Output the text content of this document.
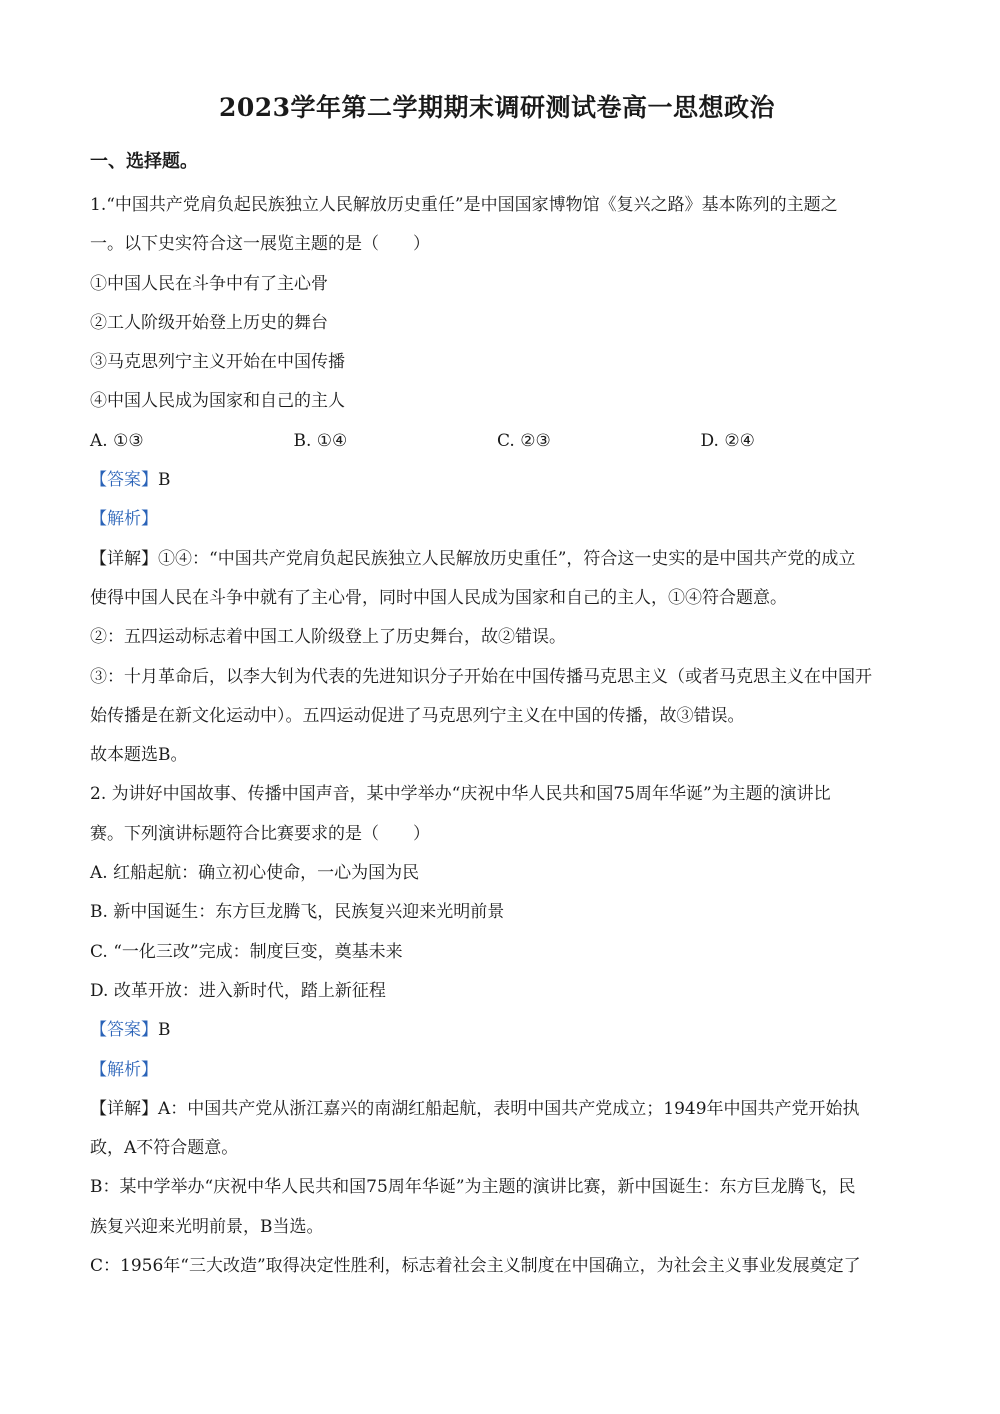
2023学年第二学期期末调研测试卷高一思想政治
一、选择题。
1.“中国共产党肩负起民族独立人民解放历史重任”是中国国家博物馆《复兴之路》基本陈列的主题之
一。以下史实符合这一展览主题的是（　　）
①中国人民在斗争中有了主心骨
②工人阶级开始登上历史的舞台
③马克思列宁主义开始在中国传播
④中国人民成为国家和自己的主人
A. ①③	B. ①④	C. ②③	D. ②④
【答案】B
【解析】
【详解】①④：“中国共产党肩负起民族独立人民解放历史重任”，符合这一史实的是中国共产党的成立
使得中国人民在斗争中就有了主心骨，同时中国人民成为国家和自己的主人，①④符合题意。
②：五四运动标志着中国工人阶级登上了历史舞台，故②错误。
③：十月革命后，以李大钊为代表的先进知识分子开始在中国传播马克思主义（或者马克思主义在中国开
始传播是在新文化运动中）。五四运动促进了马克思列宁主义在中国的传播，故③错误。
故本题选B。
2. 为讲好中国故事、传播中国声音，某中学举办“庆祝中华人民共和国75周年华诞”为主题的演讲比
赛。下列演讲标题符合比赛要求的是（　　）
A. 红船起航：确立初心使命，一心为国为民
B. 新中国诞生：东方巨龙腾飞，民族复兴迎来光明前景
C. “一化三改”完成：制度巨变，奠基未来
D. 改革开放：进入新时代，踏上新征程
【答案】B
【解析】
【详解】A：中国共产党从浙江嘉兴的南湖红船起航，表明中国共产党成立；1949年中国共产党开始执
政，A不符合题意。
B：某中学举办“庆祝中华人民共和国75周年华诞”为主题的演讲比赛，新中国诞生：东方巨龙腾飞，民
族复兴迎来光明前景，B当选。
C：1956年“三大改造”取得决定性胜利，标志着社会主义制度在中国确立，为社会主义事业发展奠定了
